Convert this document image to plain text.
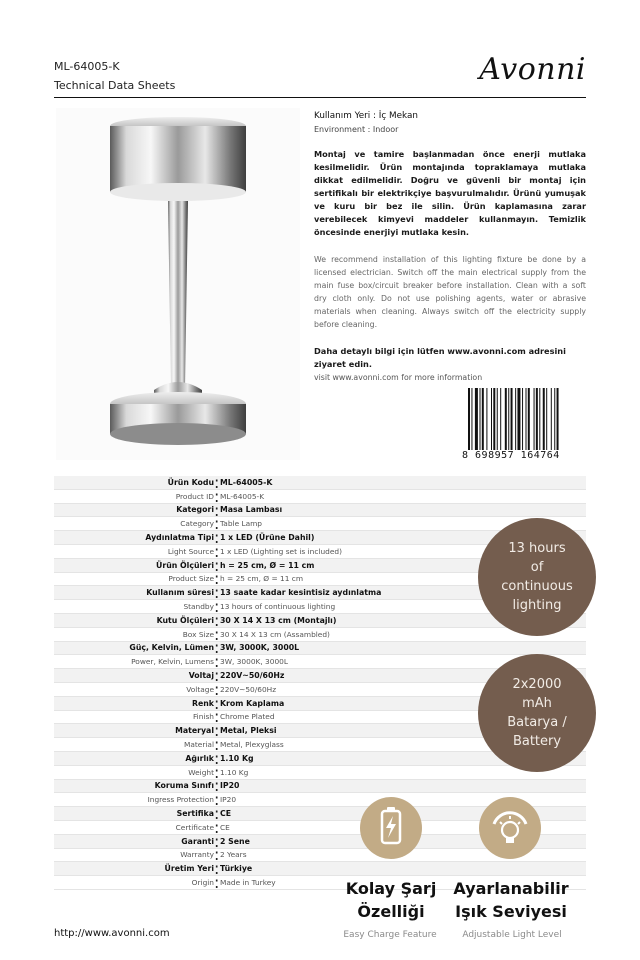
ML-64005-K
Technical Data Sheets	Avonni
Kullanım Yeri : İç Mekan
Environment : Indoor
Montaj ve tamire başlanmadan önce enerji mutlaka kesilmelidir. Ürün montajında topraklamaya mutlaka dikkat edilmelidir. Doğru ve güvenli bir montaj için sertifikalı bir elektrikçiye başvurulmalıdır. Ürünü yumuşak ve kuru bir bez ile silin. Ürün kaplamasına zarar verebilecek kimyevi maddeler kullanmayın. Temizlik öncesinde enerjiyi mutlaka kesin.
We recommend installation of this lighting fixture be done by a licensed electrician. Switch off the main electrical supply from the main fuse box/circuit breaker before installation. Clean with a soft dry cloth only. Do not use polishing agents, water or abrasive materials when cleaning. Always switch off the electricity supply before cleaning.
Daha detaylı bilgi için lütfen www.avonni.com adresini ziyaret edin.
visit www.avonni.com for more information
8 698957 164764
Ürün Kodu : ML-64005-K
Product ID : ML-64005-K
Kategori : Masa Lambası
Category : Table Lamp
Aydınlatma Tipi : 1 x LED (Ürüne Dahil)
Light Source : 1 x LED (Lighting set is included)
Ürün Ölçüleri : h = 25 cm, Ø = 11 cm
Product Size : h = 25 cm, Ø = 11 cm
Kullanım süresi : 13 saate kadar kesintisiz aydınlatma
Standby : 13 hours of continuous lighting
Kutu Ölçüleri : 30 X 14 X 13 cm (Montajlı)
Box Size : 30 X 14 X 13 cm (Assambled)
Güç, Kelvin, Lümen : 3W, 3000K, 3000L
Power, Kelvin, Lumens : 3W, 3000K, 3000L
Voltaj : 220V~50/60Hz
Voltage : 220V~50/60Hz
Renk : Krom Kaplama
Finish : Chrome Plated
Materyal : Metal, Pleksi
Material : Metal, Plexyglass
Ağırlık : 1.10 Kg
Weight : 1.10 Kg
Koruma Sınıfı : IP20
Ingress Protection : IP20
Sertifika : CE
Certificate : CE
Garanti : 2 Sene
Warranty : 2 Years
Üretim Yeri : Türkiye
Origin : Made in Turkey
13 hours
of
continuous
lighting
2x2000
mAh
Batarya /
Battery
Kolay Şarj
Özelliği
Ayarlanabilir
Işık Seviyesi
Easy Charge Feature	Adjustable Light Level
http://www.avonni.com
